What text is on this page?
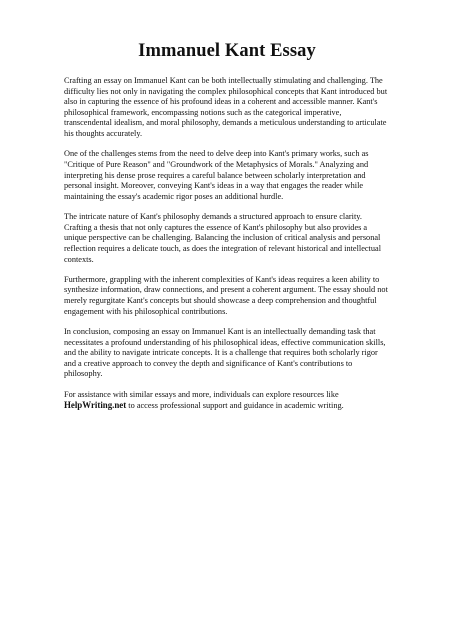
Immanuel Kant Essay

Crafting an essay on Immanuel Kant can be both intellectually stimulating and challenging. The difficulty lies not only in navigating the complex philosophical concepts that Kant introduced but also in capturing the essence of his profound ideas in a coherent and accessible manner. Kant's philosophical framework, encompassing notions such as the categorical imperative, transcendental idealism, and moral philosophy, demands a meticulous understanding to articulate his thoughts accurately.

One of the challenges stems from the need to delve deep into Kant's primary works, such as "Critique of Pure Reason" and "Groundwork of the Metaphysics of Morals." Analyzing and interpreting his dense prose requires a careful balance between scholarly interpretation and personal insight. Moreover, conveying Kant's ideas in a way that engages the reader while maintaining the essay's academic rigor poses an additional hurdle.

The intricate nature of Kant's philosophy demands a structured approach to ensure clarity. Crafting a thesis that not only captures the essence of Kant's philosophy but also provides a unique perspective can be challenging. Balancing the inclusion of critical analysis and personal reflection requires a delicate touch, as does the integration of relevant historical and intellectual contexts.

Furthermore, grappling with the inherent complexities of Kant's ideas requires a keen ability to synthesize information, draw connections, and present a coherent argument. The essay should not merely regurgitate Kant's concepts but should showcase a deep comprehension and thoughtful engagement with his philosophical contributions.

In conclusion, composing an essay on Immanuel Kant is an intellectually demanding task that necessitates a profound understanding of his philosophical ideas, effective communication skills, and the ability to navigate intricate concepts. It is a challenge that requires both scholarly rigor and a creative approach to convey the depth and significance of Kant's contributions to philosophy.

For assistance with similar essays and more, individuals can explore resources like HelpWriting.net to access professional support and guidance in academic writing.
